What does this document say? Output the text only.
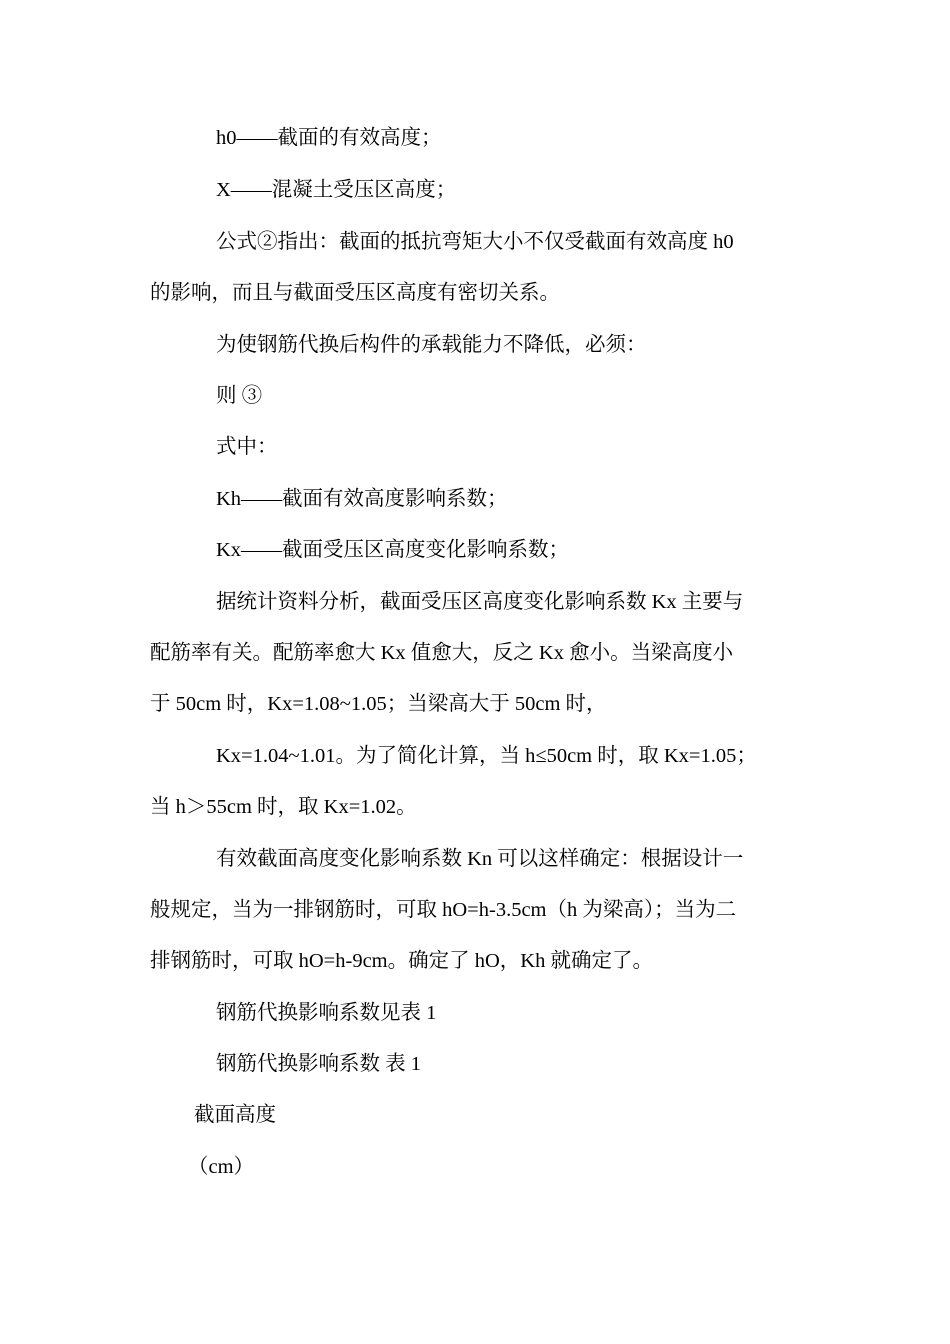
h0——截面的有效高度；
X——混凝土受压区高度；
公式②指出：截面的抵抗弯矩大小不仅受截面有效高度 h0
的影响，而且与截面受压区高度有密切关系。
为使钢筋代换后构件的承载能力不降低，必须：
则 ③
式中：
Kh——截面有效高度影响系数；
Kx——截面受压区高度变化影响系数；
据统计资料分析，截面受压区高度变化影响系数 Kx 主要与
配筋率有关。配筋率愈大 Kx 值愈大，反之 Kx 愈小。当梁高度小
于 50cm 时，Kx=1.08~1.05；当梁高大于 50cm 时，
Kx=1.04~1.01。为了简化计算，当 h≤50cm 时，取 Kx=1.05；
当 h＞55cm 时，取 Kx=1.02。
有效截面高度变化影响系数 Kn 可以这样确定：根据设计一
般规定，当为一排钢筋时，可取 hO=h-3.5cm（h 为梁高）；当为二
排钢筋时，可取 hO=h-9cm。确定了 hO，Kh 就确定了。
钢筋代换影响系数见表 1
钢筋代换影响系数 表 1
截面高度
（cm）
